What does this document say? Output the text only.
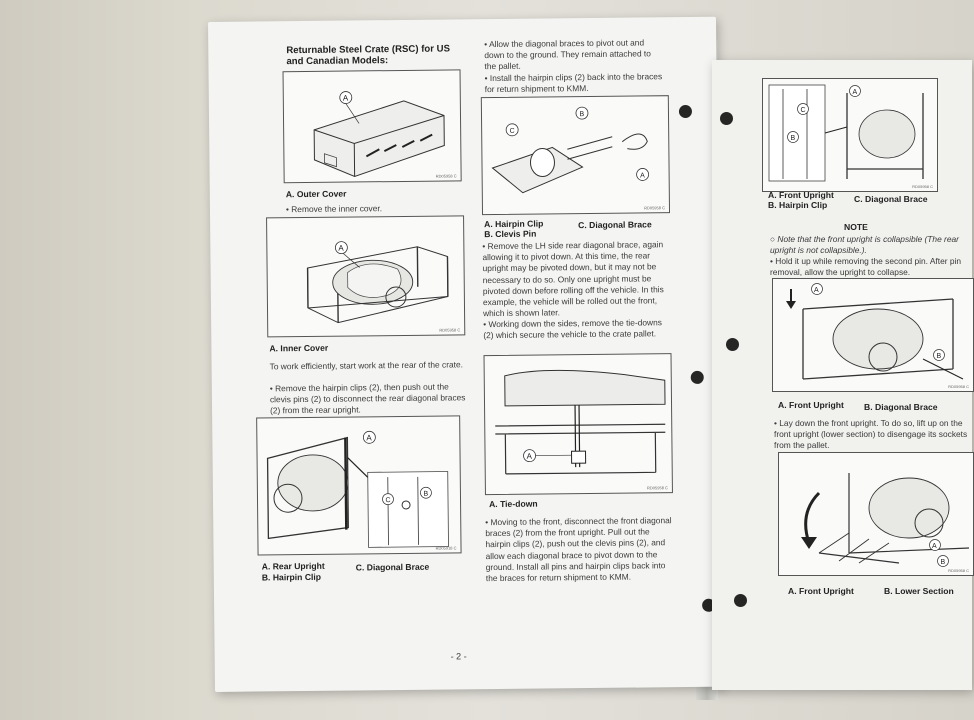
Returnable Steel Crate (RSC) for US and Canadian Models:
A
RD05958 C
A. Outer Cover
• Remove the inner cover.
A
RD05958 C
A. Inner Cover
To work efficiently, start work at the rear of the crate.
• Remove the hairpin clips (2), then push out the clevis pins (2) to disconnect the rear diagonal braces (2) from the rear upright.
A
C
B
RD05918 C
A. Rear Upright
B. Hairpin Clip
C. Diagonal Brace
• Allow the diagonal braces to pivot out and down to the ground. They remain attached to the pallet.
• Install the hairpin clips (2) back into the braces for return shipment to KMM.
C
B
A
RD05958 C
A. Hairpin Clip
B. Clevis Pin
C. Diagonal Brace
• Remove the LH side rear diagonal brace, again allowing it to pivot down. At this time, the rear upright may be pivoted down, but it may not be necessary to do so. Only one upright must be pivoted down before rolling off the vehicle. In this example, the vehicle will be rolled out the front, which is shown later.
• Working down the sides, remove the tie-downs (2) which secure the vehicle to the crate pallet.
A
RD05958 C
A. Tie-down
• Moving to the front, disconnect the front diagonal braces (2) from the front upright. Pull out the hairpin clips (2), push out the clevis pins (2), and allow each diagonal brace to pivot down to the ground. Install all pins and hairpin clips back into the braces for return shipment to KMM.
- 2 -
C
B
A
RD05958 C
A. Front Upright
B. Hairpin Clip
C. Diagonal Brace
NOTE
○ Note that the front upright is collapsible (The rear upright is not collapsible.).
• Hold it up while removing the second pin. After pin removal, allow the upright to collapse.
A
B
RD05958 C
A. Front Upright B. Diagonal Brace
• Lay down the front upright. To do so, lift up on the front upright (lower section) to disengage its sockets from the pallet.
A
B
RD05958 C
A. Front Upright	B. Lower Section
